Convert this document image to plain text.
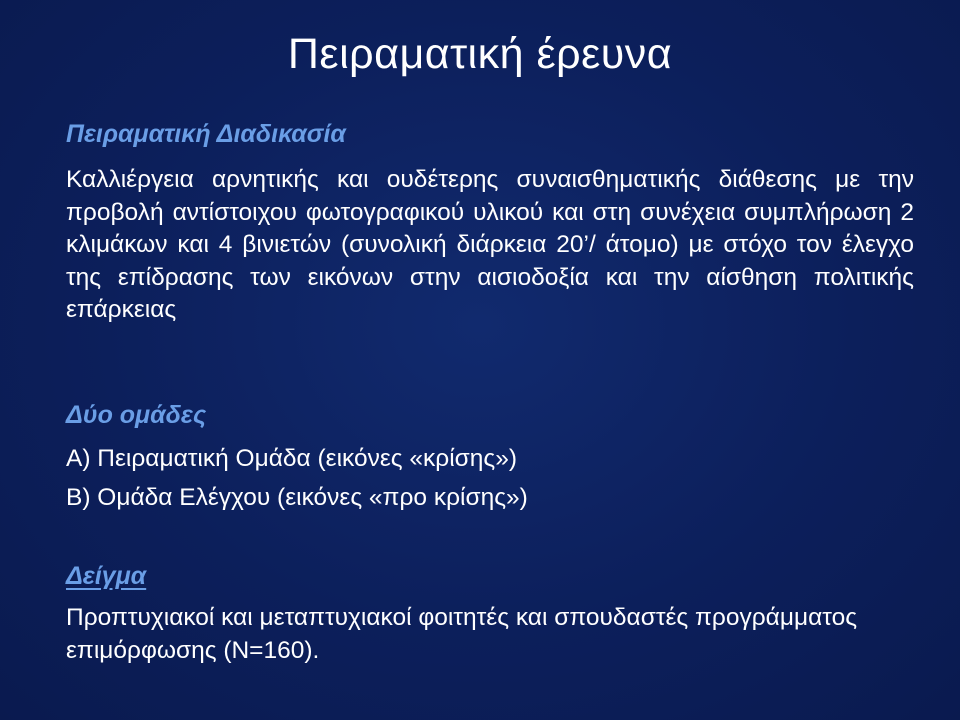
Πειραματική έρευνα
Πειραματική Διαδικασία

Καλλιέργεια αρνητικής και ουδέτερης συναισθηματικής διάθεσης με την προβολή αντίστοιχου φωτογραφικού υλικού και στη συνέχεια συμπλήρωση 2 κλιμάκων και 4 βινιετών (συνολική διάρκεια 20’/ άτομο) με στόχο τον έλεγχο της επίδρασης των εικόνων στην αισιοδοξία και την αίσθηση πολιτικής επάρκειας

Δύο ομάδες

A) Πειραματική Ομάδα (εικόνες «κρίσης»)

B) Ομάδα Ελέγχου (εικόνες «προ κρίσης»)

Δείγμα

Προπτυχιακοί και μεταπτυχιακοί φοιτητές και σπουδαστές προγράμματος επιμόρφωσης (Ν=160).
